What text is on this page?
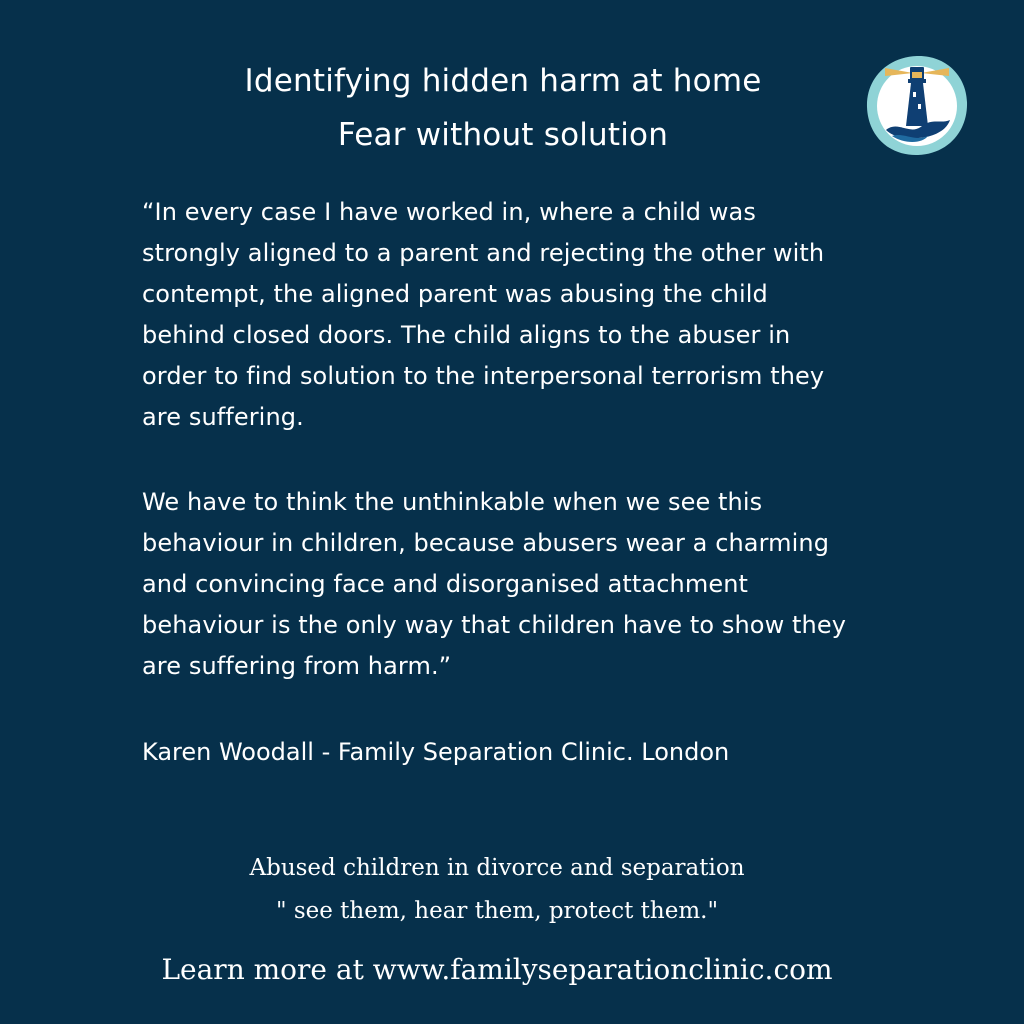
Identifying hidden harm at home
Fear without solution
“In every case I have worked in, where a child was
strongly aligned to a parent and rejecting the other with
contempt, the aligned parent was abusing the child
behind closed doors. The child aligns to the abuser in
order to find solution to the interpersonal terrorism they
are suffering.
We have to think the unthinkable when we see this
behaviour in children, because abusers wear a charming
and convincing face and disorganised attachment
behaviour is the only way that children have to show they
are suffering from harm.”
Karen Woodall - Family Separation Clinic. London
Abused children in divorce and separation
" see them, hear them, protect them."
Learn more at www.familyseparationclinic.com
